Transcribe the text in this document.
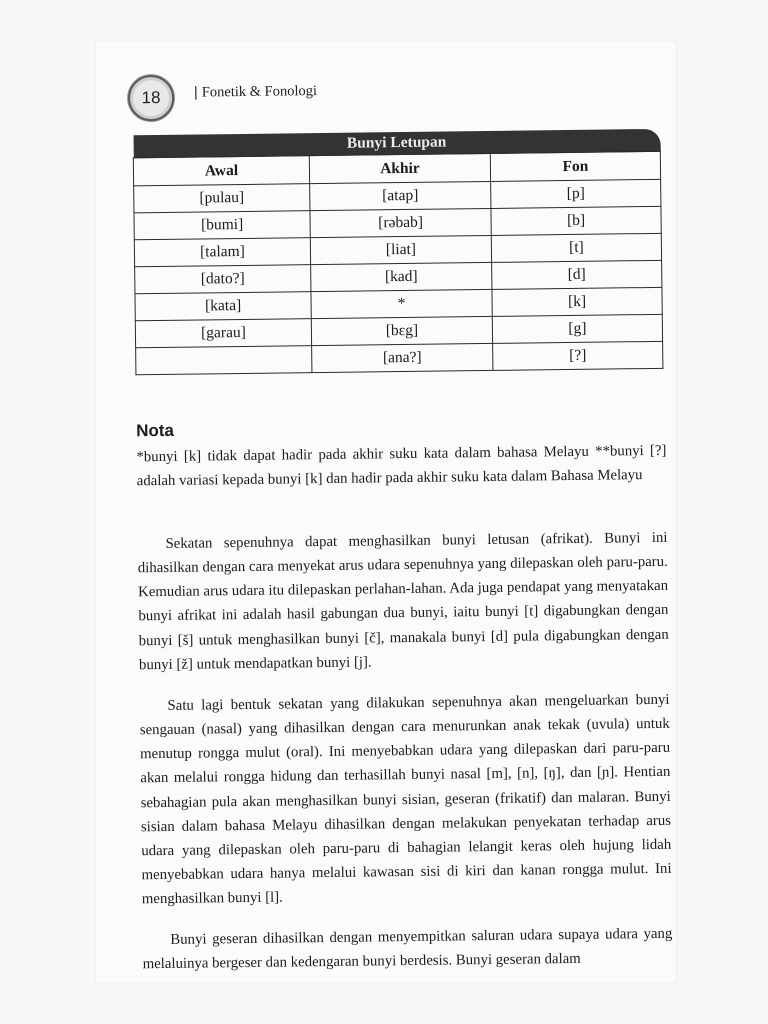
18 | Fonetik & Fonologi
Bunyi Letupan		
Awal	Akhir	Fon
[pulau]	[atap]	[p]
[bumi]	[rəbab]	[b]
[talam]	[liat]	[t]
[dato?]	[kad]	[d]
[kata]	*	[k]
[garau]	[bɛg]	[g]
	[ana?]	[?]
Nota
*bunyi [k] tidak dapat hadir pada akhir suku kata dalam bahasa Melayu **bunyi [?] adalah variasi kepada bunyi [k] dan hadir pada akhir suku kata dalam Bahasa Melayu

Sekatan sepenuhnya dapat menghasilkan bunyi letusan (afrikat). Bunyi ini dihasilkan dengan cara menyekat arus udara sepenuhnya yang dilepaskan oleh paru-paru. Kemudian arus udara itu dilepaskan perlahan-lahan. Ada juga pendapat yang menyatakan bunyi afrikat ini adalah hasil gabungan dua bunyi, iaitu bunyi [t] digabungkan dengan bunyi [š] untuk menghasilkan bunyi [č], manakala bunyi [d] pula digabungkan dengan bunyi [ž] untuk mendapatkan bunyi [j].

Satu lagi bentuk sekatan yang dilakukan sepenuhnya akan mengeluarkan bunyi sengauan (nasal) yang dihasilkan dengan cara menurunkan anak tekak (uvula) untuk menutup rongga mulut (oral). Ini menyebabkan udara yang dilepaskan dari paru-paru akan melalui rongga hidung dan terhasillah bunyi nasal [m], [n], [ŋ], dan [ɲ]. Hentian sebahagian pula akan menghasilkan bunyi sisian, geseran (frikatif) dan malaran. Bunyi sisian dalam bahasa Melayu dihasilkan dengan melakukan penyekatan terhadap arus udara yang dilepaskan oleh paru-paru di bahagian lelangit keras oleh hujung lidah menyebabkan udara hanya melalui kawasan sisi di kiri dan kanan rongga mulut. Ini menghasilkan bunyi [l].

Bunyi geseran dihasilkan dengan menyempitkan saluran udara supaya udara yang melaluinya bergeser dan kedengaran bunyi berdesis. Bunyi geseran dalam
